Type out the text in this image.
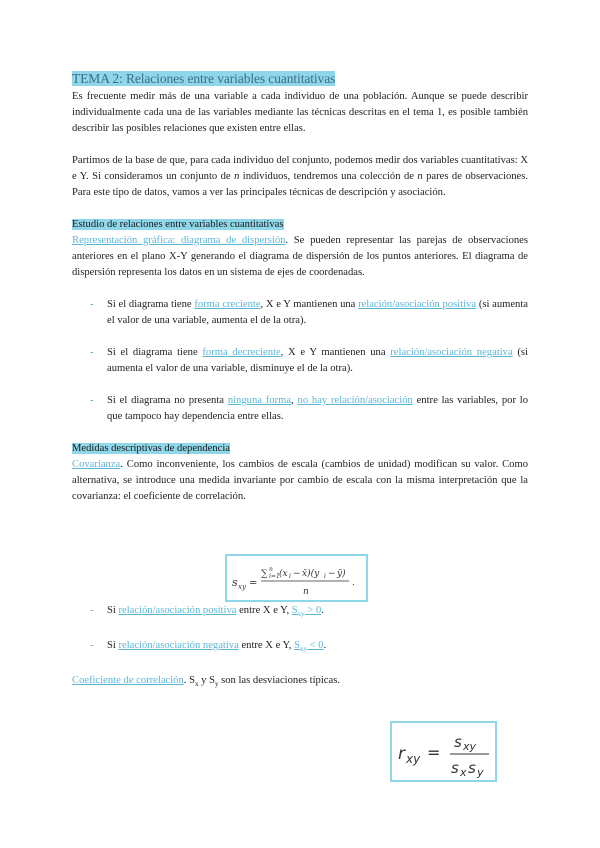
TEMA 2: Relaciones entre variables cuantitativas

Es frecuente medir más de una variable a cada individuo de una población. Aunque se puede describir individualmente cada una de las variables mediante las técnicas descritas en el tema 1, es posible también describir las posibles relaciones que existen entre ellas.

Partimos de la base de que, para cada individuo del conjunto, podemos medir dos variables cuantitativas: X e Y. Si consideramos un conjunto de n individuos, tendremos una colección de n pares de observaciones. Para este tipo de datos, vamos a ver las principales técnicas de descripción y asociación.

Estudio de relaciones entre variables cuantitativas

Representación gráfica: diagrama de dispersión. Se pueden representar las parejas de observaciones anteriores en el plano X-Y generando el diagrama de dispersión de los puntos anteriores. El diagrama de dispersión representa los datos en un sistema de ejes de coordenadas.

- Si el diagrama tiene forma creciente, X e Y mantienen una relación/asociación positiva (si aumenta el valor de una variable, aumenta el de la otra).
- Si el diagrama tiene forma decreciente, X e Y mantienen una relación/asociación negativa (si aumenta el valor de una variable, disminuye el de la otra).
- Si el diagrama no presenta ninguna forma, no hay relación/asociación entre las variables, por lo que tampoco hay dependencia entre ellas.
Medidas descriptivas de dependencia

Covarianza. Como inconveniente, los cambios de escala (cambios de unidad) modifican su valor. Como alternativa, se introduce una medida invariante por cambio de escala con la misma interpretación que la covarianza: el coeficiente de correlación.

- Si relación/asociación positiva entre X e Y, $S_{xy} > 0$.
- Si relación/asociación negativa entre X e Y, $S_{xy} < 0$.

Coeficiente de correlación. $S_x$ y $S_y$ son las desviaciones típicas.

s xy =
∑ n
i=1 (x i − x̄)(y i − ȳ)
n
.
r xy =
s xy
s x s y
